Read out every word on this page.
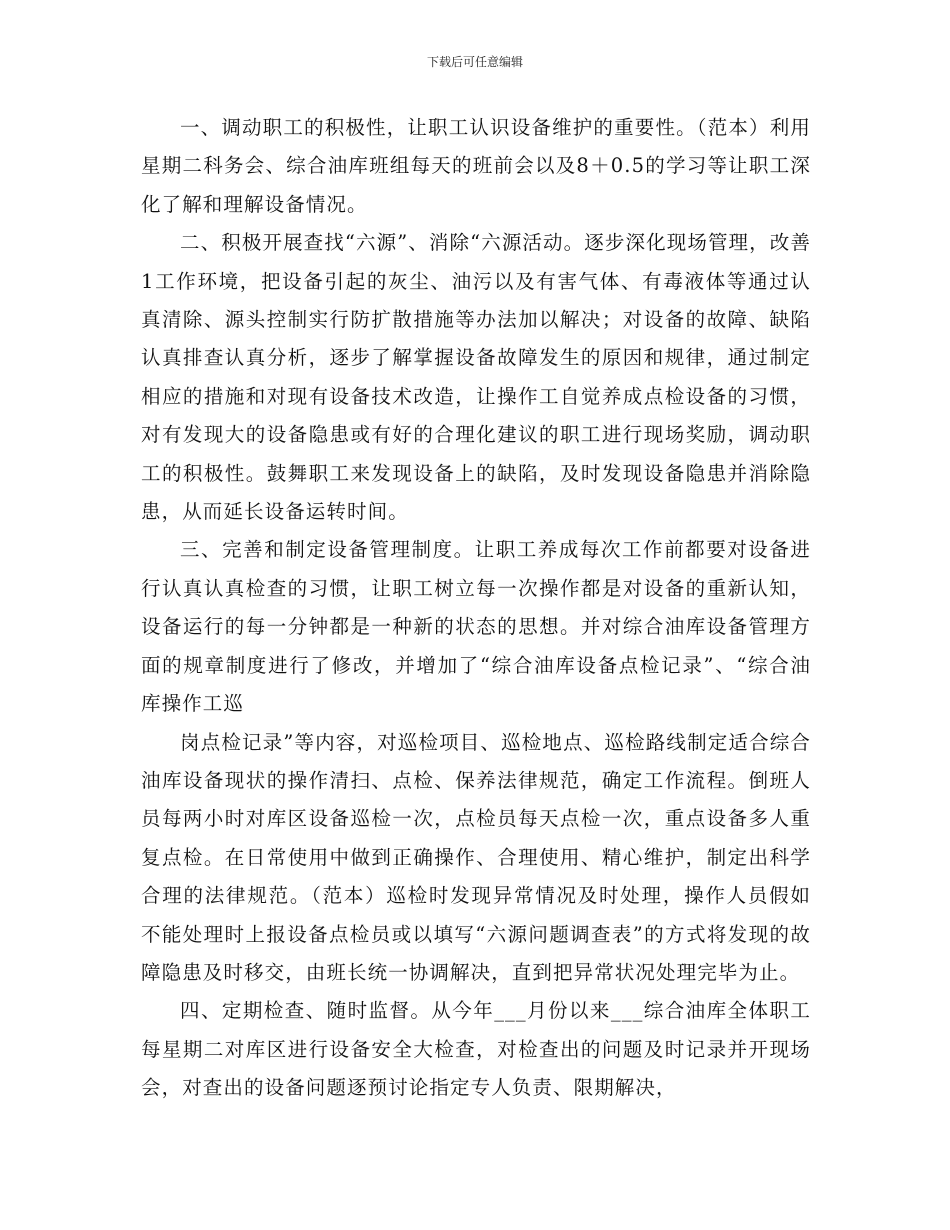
下载后可任意编辑

一、调动职工的积极性，让职工认识设备维护的重要性。（范本）利用星期二科务会、综合油库班组每天的班前会以及8＋0.5的学习等让职工深化了解和理解设备情况。

二、积极开展查找“六源”、消除“六源活动。逐步深化现场管理，改善1工作环境，把设备引起的灰尘、油污以及有害气体、有毒液体等通过认真清除、源头控制实行防扩散措施等办法加以解决；对设备的故障、缺陷认真排查认真分析，逐步了解掌握设备故障发生的原因和规律，通过制定相应的措施和对现有设备技术改造，让操作工自觉养成点检设备的习惯，对有发现大的设备隐患或有好的合理化建议的职工进行现场奖励，调动职工的积极性。鼓舞职工来发现设备上的缺陷，及时发现设备隐患并消除隐患，从而延长设备运转时间。

三、完善和制定设备管理制度。让职工养成每次工作前都要对设备进行认真认真检查的习惯，让职工树立每一次操作都是对设备的重新认知，设备运行的每一分钟都是一种新的状态的思想。并对综合油库设备管理方面的规章制度进行了修改，并增加了“综合油库设备点检记录”、“综合油库操作工巡

岗点检记录”等内容，对巡检项目、巡检地点、巡检路线制定适合综合油库设备现状的操作清扫、点检、保养法律规范，确定工作流程。倒班人员每两小时对库区设备巡检一次，点检员每天点检一次，重点设备多人重复点检。在日常使用中做到正确操作、合理使用、精心维护，制定出科学合理的法律规范。（范本）巡检时发现异常情况及时处理，操作人员假如不能处理时上报设备点检员或以填写“六源问题调查表”的方式将发现的故障隐患及时移交，由班长统一协调解决，直到把异常状况处理完毕为止。

四、定期检查、随时监督。从今年___月份以来___综合油库全体职工每星期二对库区进行设备安全大检查，对检查出的问题及时记录并开现场会，对查出的设备问题逐预讨论指定专人负责、限期解决，
